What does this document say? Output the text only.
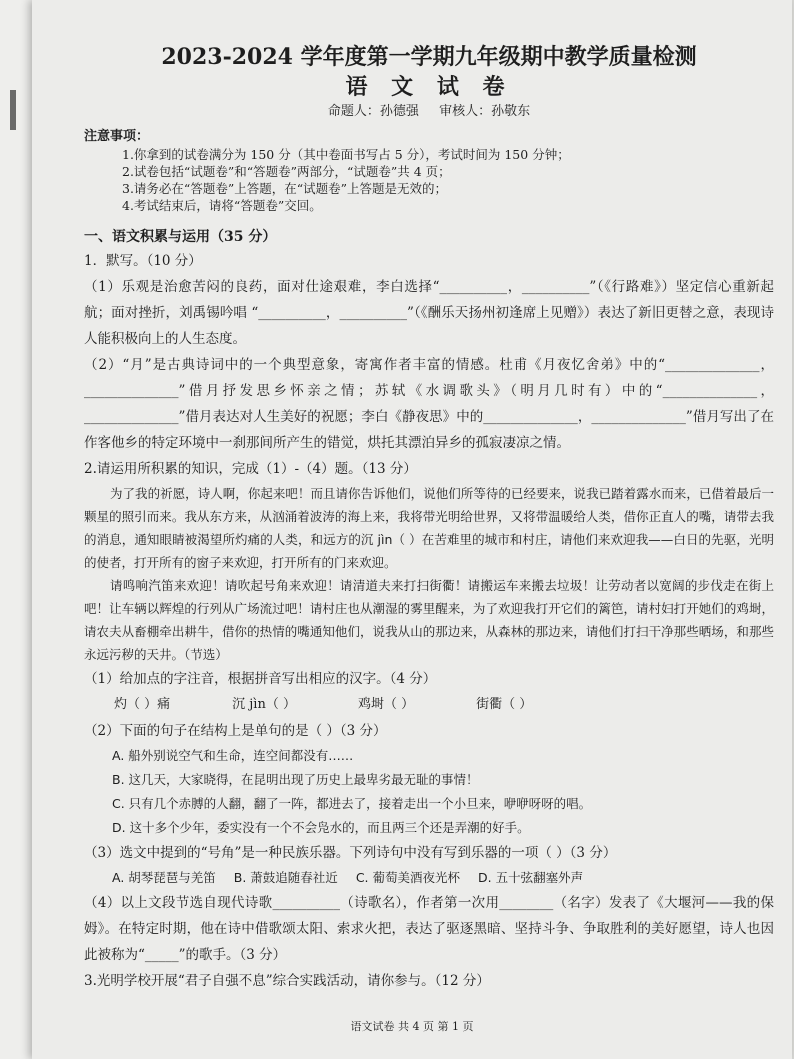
2023-2024 学年度第一学期九年级期中教学质量检测
语 文 试 卷
命题人：孙德强 审核人：孙敬东
注意事项：
1.你拿到的试卷满分为 150 分（其中卷面书写占 5 分），考试时间为 150 分钟；
2.试卷包括“试题卷”和“答题卷”两部分，“试题卷”共 4 页；
3.请务必在“答题卷”上答题，在“试题卷”上答题是无效的；
4.考试结束后，请将“答题卷”交回。
一、语文积累与运用（35 分）

1．默写。（10 分）

（1）乐观是治愈苦闷的良药，面对仕途艰难，李白选择“__________，__________”（《行路难》）坚定信心重新起航；面对挫折，刘禹锡吟唱 “__________，__________”（《酬乐天扬州初逢席上见赠》）表达了新旧更替之意，表现诗人能积极向上的人生态度。

（2）“月”是古典诗词中的一个典型意象，寄寓作者丰富的情感。杜甫《月夜忆舍弟》中的“______________，______________”借月抒发思乡怀亲之情；苏轼《水调歌头》（明月几时有）中的“______________，______________”借月表达对人生美好的祝愿；李白《静夜思》中的______________，______________”借月写出了在作客他乡的特定环境中一刹那间所产生的错觉，烘托其漂泊异乡的孤寂凄凉之情。

2.请运用所积累的知识，完成（1）-（4）题。（13 分）

为了我的祈愿，诗人啊，你起来吧！而且请你告诉他们，说他们所等待的已经要来，说我已踏着露水而来，已借着最后一颗星的照引而来。我从东方来，从汹涌着波涛的海上来，我将带光明给世界，又将带温暖给人类，借你正直人的嘴，请带去我的消息，通知眼睛被渴望所灼痛的人类，和远方的沉 jìn（ ）在苦难里的城市和村庄，请他们来欢迎我——白日的先驱，光明的使者，打开所有的窗子来欢迎，打开所有的门来欢迎。

请鸣响汽笛来欢迎！请吹起号角来欢迎！请清道夫来打扫街衢！请搬运车来搬去垃圾！让劳动者以宽阔的步伐走在街上吧！让车辆以辉煌的行列从广场流过吧！请村庄也从潮湿的雾里醒来，为了欢迎我打开它们的篱笆，请村妇打开她们的鸡埘，请农夫从畜棚牵出耕牛，借你的热情的嘴通知他们，说我从山的那边来，从森林的那边来，请他们打扫干净那些晒场，和那些永远污秽的天井。（节选）

（1）给加点的字注音，根据拼音写出相应的汉字。（4 分）

灼（ ）痛	沉 jìn（ ）	鸡埘（ ）	街衢（ ）

（2）下面的句子在结构上是单句的是（ ）（3 分）

A. 船外别说空气和生命，连空间都没有……
B. 这几天，大家晓得，在昆明出现了历史上最卑劣最无耻的事情！
C. 只有几个赤膊的人翻，翻了一阵，都进去了，接着走出一个小旦来，咿咿呀呀的唱。
D. 这十多个少年，委实没有一个不会凫水的，而且两三个还是弄潮的好手。

（3）选文中提到的“号角”是一种民族乐器。下列诗句中没有写到乐器的一项（ ）（3 分）

A. 胡琴琵琶与羌笛 B. 萧鼓追随春社近 C. 葡萄美酒夜光杯 D. 五十弦翻塞外声

（4）以上文段节选自现代诗歌__________（诗歌名），作者第一次用________（名字）发表了《大堰河——我的保姆》。在特定时期，他在诗中借歌颂太阳、索求火把，表达了驱逐黑暗、坚持斗争、争取胜利的美好愿望，诗人也因此被称为“_____”的歌手。（3 分）

3.光明学校开展“君子自强不息”综合实践活动，请你参与。（12 分）

语文试卷 共 4 页 第 1 页
